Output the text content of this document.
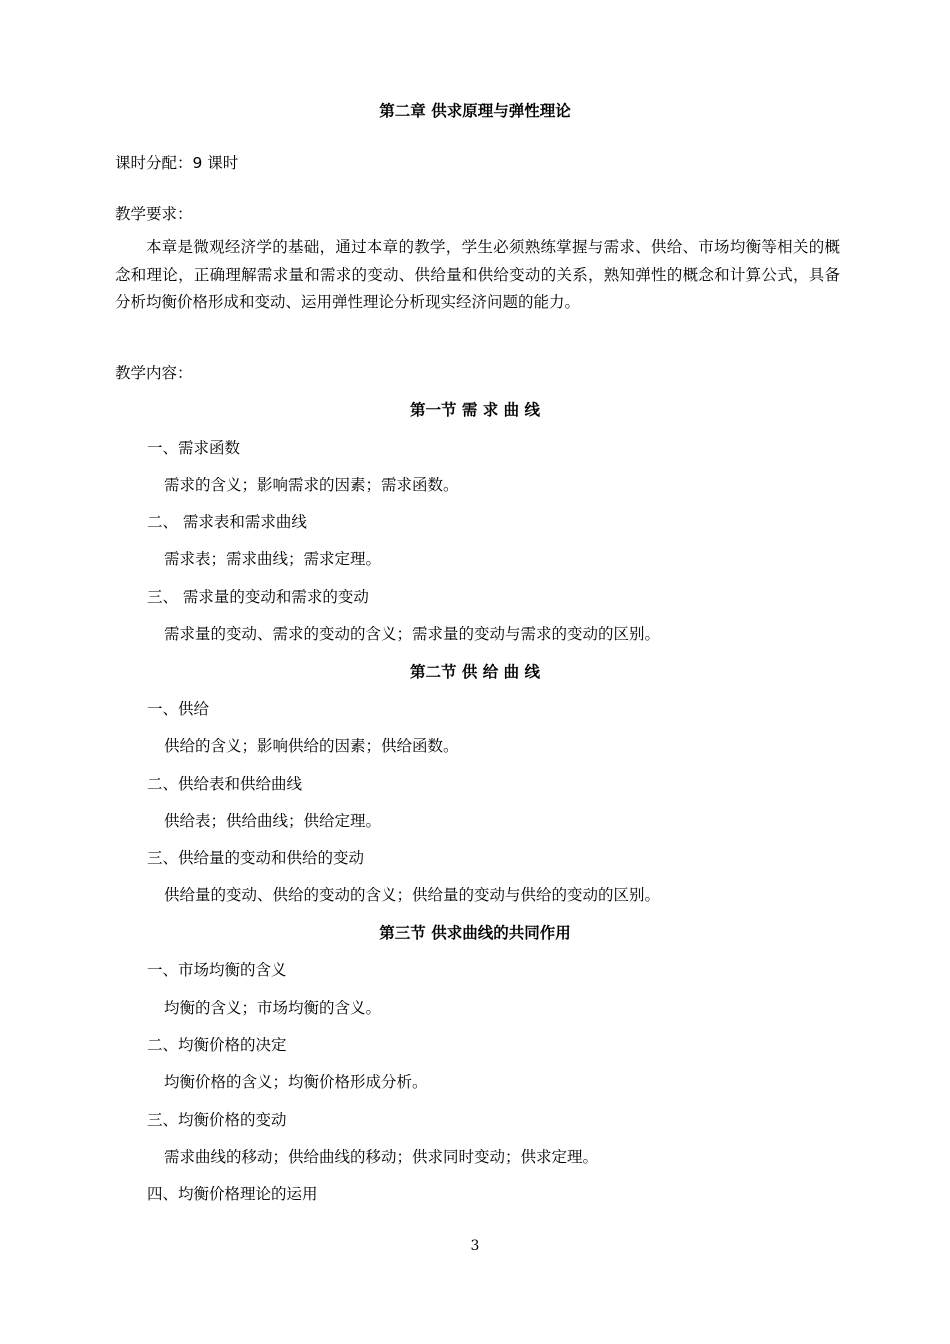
第二章 供求原理与弹性理论
课时分配：9 课时
教学要求：
本章是微观经济学的基础，通过本章的教学，学生必须熟练掌握与需求、供给、市场均衡等相关的概念和理论，正确理解需求量和需求的变动、供给量和供给变动的关系，熟知弹性的概念和计算公式，具备分析均衡价格形成和变动、运用弹性理论分析现实经济问题的能力。
教学内容：
第一节 需 求 曲 线
一、需求函数
需求的含义；影响需求的因素；需求函数。
二、 需求表和需求曲线
需求表；需求曲线；需求定理。
三、 需求量的变动和需求的变动
需求量的变动、需求的变动的含义；需求量的变动与需求的变动的区别。
第二节 供 给 曲 线
一、供给
供给的含义；影响供给的因素；供给函数。
二、供给表和供给曲线
供给表；供给曲线；供给定理。
三、供给量的变动和供给的变动
供给量的变动、供给的变动的含义；供给量的变动与供给的变动的区别。
第三节 供求曲线的共同作用
一、市场均衡的含义
均衡的含义；市场均衡的含义。
二、均衡价格的决定
均衡价格的含义；均衡价格形成分析。
三、均衡价格的变动
需求曲线的移动；供给曲线的移动；供求同时变动；供求定理。
四、均衡价格理论的运用
3
